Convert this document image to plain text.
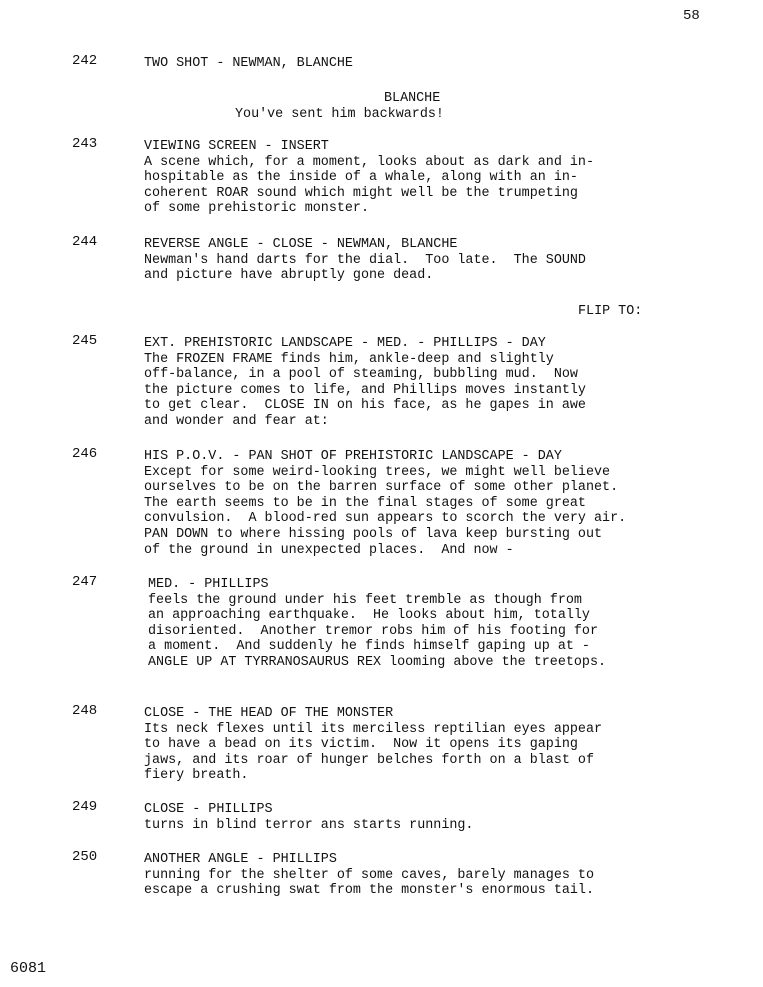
58
242	TWO SHOT - NEWMAN, BLANCHE
BLANCHE
You've sent him backwards!
243	VIEWING SCREEN - INSERT
A scene which, for a moment, looks about as dark and in-
hospitable as the inside of a whale, along with an in-
coherent ROAR sound which might well be the trumpeting
of some prehistoric monster.
244	REVERSE ANGLE - CLOSE - NEWMAN, BLANCHE
Newman's hand darts for the dial.  Too late.  The SOUND
and picture have abruptly gone dead.
FLIP TO:
245	EXT. PREHISTORIC LANDSCAPE - MED. - PHILLIPS - DAY
The FROZEN FRAME finds him, ankle-deep and slightly
off-balance, in a pool of steaming, bubbling mud.  Now
the picture comes to life, and Phillips moves instantly
to get clear.  CLOSE IN on his face, as he gapes in awe
and wonder and fear at:
246	HIS P.O.V. - PAN SHOT OF PREHISTORIC LANDSCAPE - DAY
Except for some weird-looking trees, we might well believe
ourselves to be on the barren surface of some other planet.
The earth seems to be in the final stages of some great
convulsion.  A blood-red sun appears to scorch the very air.
PAN DOWN to where hissing pools of lava keep bursting out
of the ground in unexpected places.  And now -
247	MED. - PHILLIPS
feels the ground under his feet tremble as though from
an approaching earthquake.  He looks about him, totally
disoriented.  Another tremor robs him of his footing for
a moment.  And suddenly he finds himself gaping up at -
ANGLE UP AT TYRRANOSAURUS REX looming above the treetops.
248	CLOSE - THE HEAD OF THE MONSTER
Its neck flexes until its merciless reptilian eyes appear
to have a bead on its victim.  Now it opens its gaping
jaws, and its roar of hunger belches forth on a blast of
fiery breath.
249	CLOSE - PHILLIPS
turns in blind terror ans starts running.
250	ANOTHER ANGLE - PHILLIPS
running for the shelter of some caves, barely manages to
escape a crushing swat from the monster's enormous tail.
6081
